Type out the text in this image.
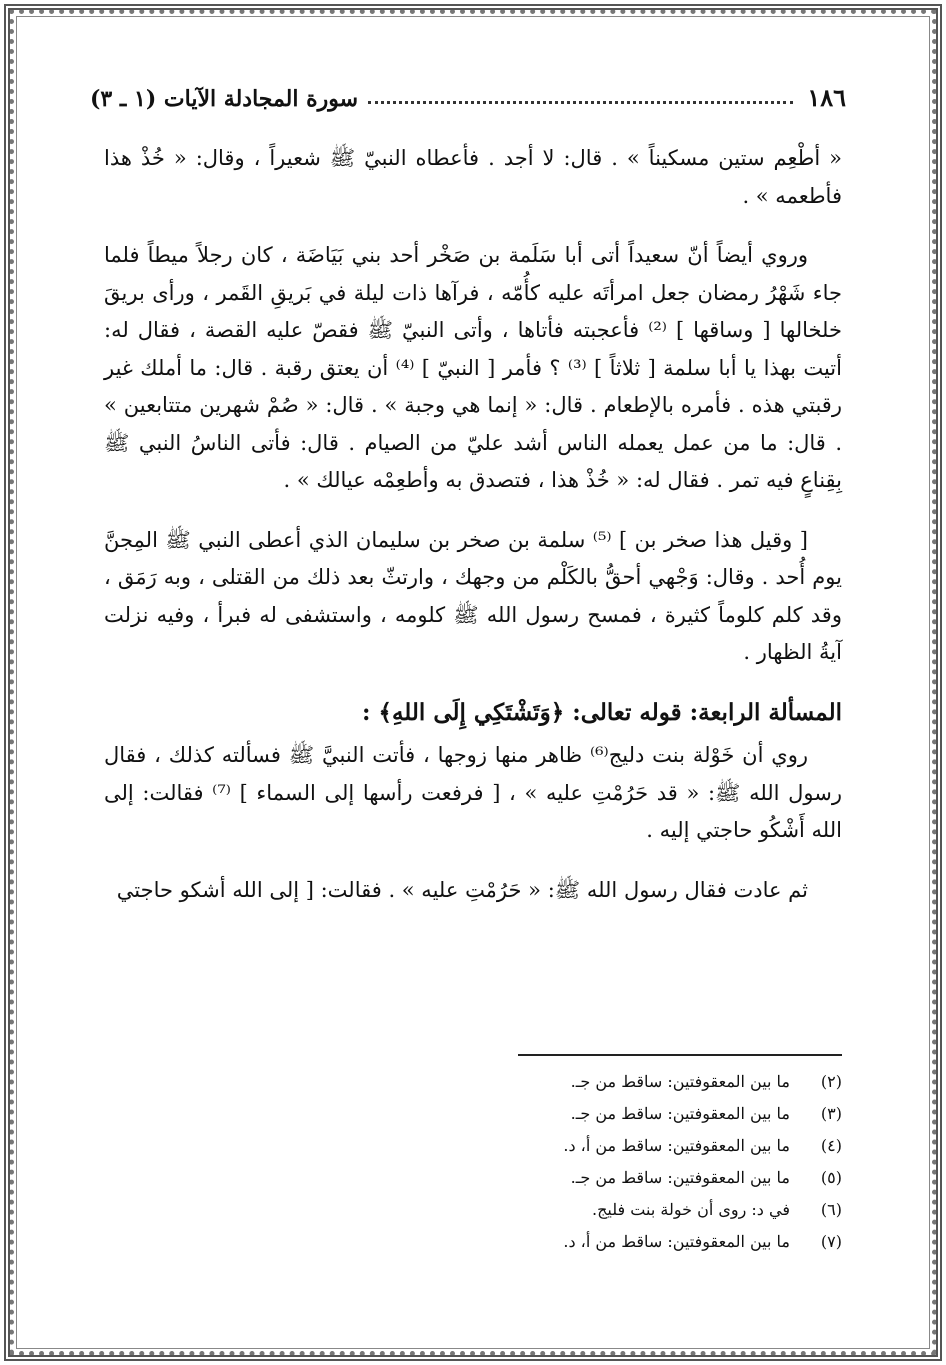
١٨٦
سورة المجادلة الآيات (١ ـ ٣)

« أطْعِم ستين مسكيناً » . قال: لا أجد . فأعطاه النبيّ ﷺ شعيراً ، وقال: « خُذْ هذا فأطعمه » .

وروي أيضاً أنّ سعيداً أتى أبا سَلَمة بن صَخْر أحد بني بَيَاضَة ، كان رجلاً ميطاً فلما جاء شَهْرُ رمضان جعل امرأتَه عليه كأُمّه ، فرآها ذات ليلة في بَريقِ القَمر ، ورأى بريقَ خلخالها [ وساقها ] ⁽²⁾ فأعجبته فأتاها ، وأتى النبيّ ﷺ فقصّ عليه القصة ، فقال له: أتيت بهذا يا أبا سلمة [ ثلاثاً ] ⁽³⁾ ؟ فأمر [ النبيّ ] ⁽⁴⁾ أن يعتق رقبة . قال: ما أملك غير رقبتي هذه . فأمره بالإطعام . قال: « إنما هي وجبة » . قال: « صُمْ شهرين متتابعين » . قال: ما من عمل يعمله الناس أشد عليّ من الصيام . قال: فأتى الناسُ النبي ﷺ بِقِناعٍ فيه تمر . فقال له: « خُذْ هذا ، فتصدق به وأطعِمْه عيالك » .

[ وقيل هذا صخر بن ] ⁽⁵⁾ سلمة بن صخر بن سليمان الذي أعطى النبي ﷺ المِجنَّ يوم أُحد . وقال: وَجْهي أحقُّ بالكَلْم من وجهك ، وارتثّ بعد ذلك من القتلى ، وبه رَمَق ، وقد كلم كلوماً كثيرة ، فمسح رسول الله ﷺ كلومه ، واستشفى له فبرأ ، وفيه نزلت آيةُ الظهار .

المسألة الرابعة: قوله تعالى: ﴿وَتَشْتَكِي إِلَى اللهِ﴾ :

روي أن خَوْلة بنت دليج⁽⁶⁾ ظاهر منها زوجها ، فأتت النبيَّ ﷺ فسألته كذلك ، فقال رسول الله ﷺ: « قد حَرُمْتِ عليه » ، [ فرفعت رأسها إلى السماء ] ⁽⁷⁾ فقالت: إلى الله أَشْكُو حاجتي إليه .

ثم عادت فقال رسول الله ﷺ: « حَرُمْتِ عليه » . فقالت: [ إلى الله أشكو حاجتي

(٢)
ما بين المعقوفتين: ساقط من جـ.
(٣)
ما بين المعقوفتين: ساقط من جـ.
(٤)
ما بين المعقوفتين: ساقط من أ، د.
(٥)
ما بين المعقوفتين: ساقط من جـ.
(٦)
في د: روى أن خولة بنت فليج.
(٧)
ما بين المعقوفتين: ساقط من أ، د.
